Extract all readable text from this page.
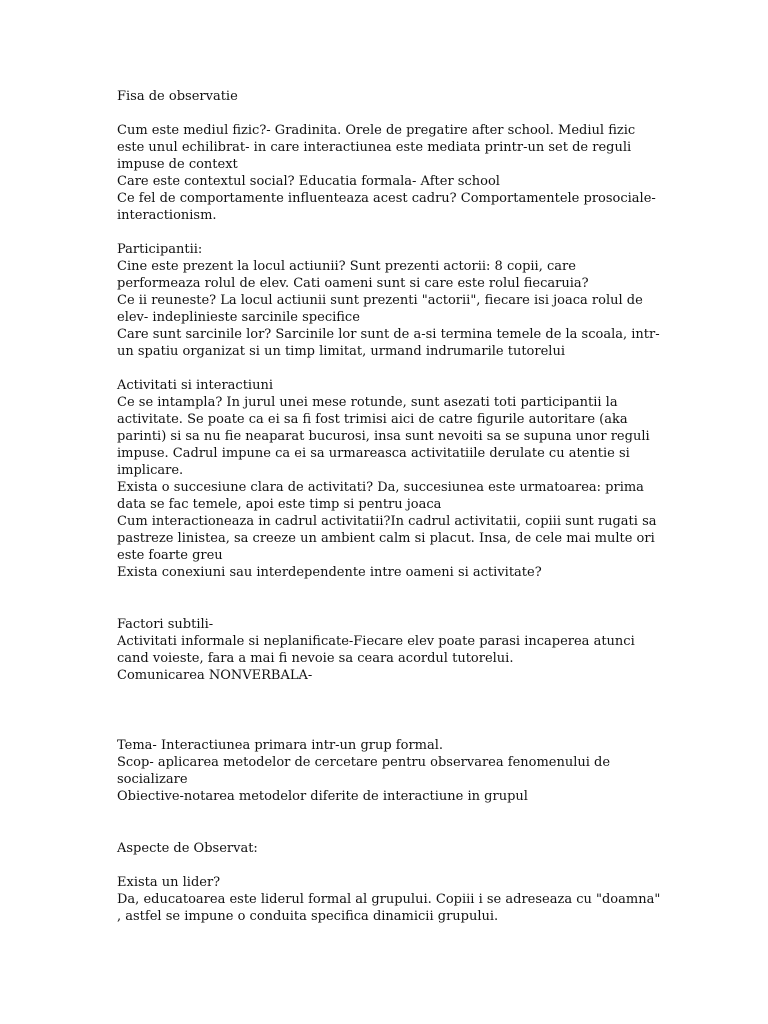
Fisa de observatie
Cum este mediul fizic?- Gradinita. Orele de pregatire after school. Mediul fizic
este unul echilibrat- in care interactiunea este mediata printr-un set de reguli
impuse de context
Care este contextul social? Educatia formala- After school
Ce fel de comportamente influenteaza acest cadru? Comportamentele prosociale-
interactionism.
Participantii:
Cine este prezent la locul actiunii? Sunt prezenti actorii: 8 copii, care
performeaza rolul de elev. Cati oameni sunt si care este rolul fiecaruia?
Ce ii reuneste? La locul actiunii sunt prezenti "actorii", fiecare isi joaca rolul de
elev- indeplinieste sarcinile specifice
Care sunt sarcinile lor? Sarcinile lor sunt de a-si termina temele de la scoala, intr-
un spatiu organizat si un timp limitat, urmand indrumarile tutorelui
Activitati si interactiuni
Ce se intampla? In jurul unei mese rotunde, sunt asezati toti participantii la
activitate. Se poate ca ei sa fi fost trimisi aici de catre figurile autoritare (aka
parinti) si sa nu fie neaparat bucurosi, insa sunt nevoiti sa se supuna unor reguli
impuse. Cadrul impune ca ei sa urmareasca activitatiile derulate cu atentie si
implicare.
Exista o succesiune clara de activitati? Da, succesiunea este urmatoarea: prima
data se fac temele, apoi este timp si pentru joaca
Cum interactioneaza in cadrul activitatii?In cadrul activitatii, copiii sunt rugati sa
pastreze linistea, sa creeze un ambient calm si placut. Insa, de cele mai multe ori
este foarte greu
Exista conexiuni sau interdependente intre oameni si activitate?
Factori subtili-
Activitati informale si neplanificate-Fiecare elev poate parasi incaperea atunci
cand voieste, fara a mai fi nevoie sa ceara acordul tutorelui.
Comunicarea NONVERBALA-
Tema- Interactiunea primara intr-un grup formal.
Scop- aplicarea metodelor de cercetare pentru observarea fenomenului de
socializare
Obiective-notarea metodelor diferite de interactiune in grupul
Aspecte de Observat:
Exista un lider?
Da, educatoarea este liderul formal al grupului. Copiii i se adreseaza cu "doamna"
, astfel se impune o conduita specifica dinamicii grupului.
